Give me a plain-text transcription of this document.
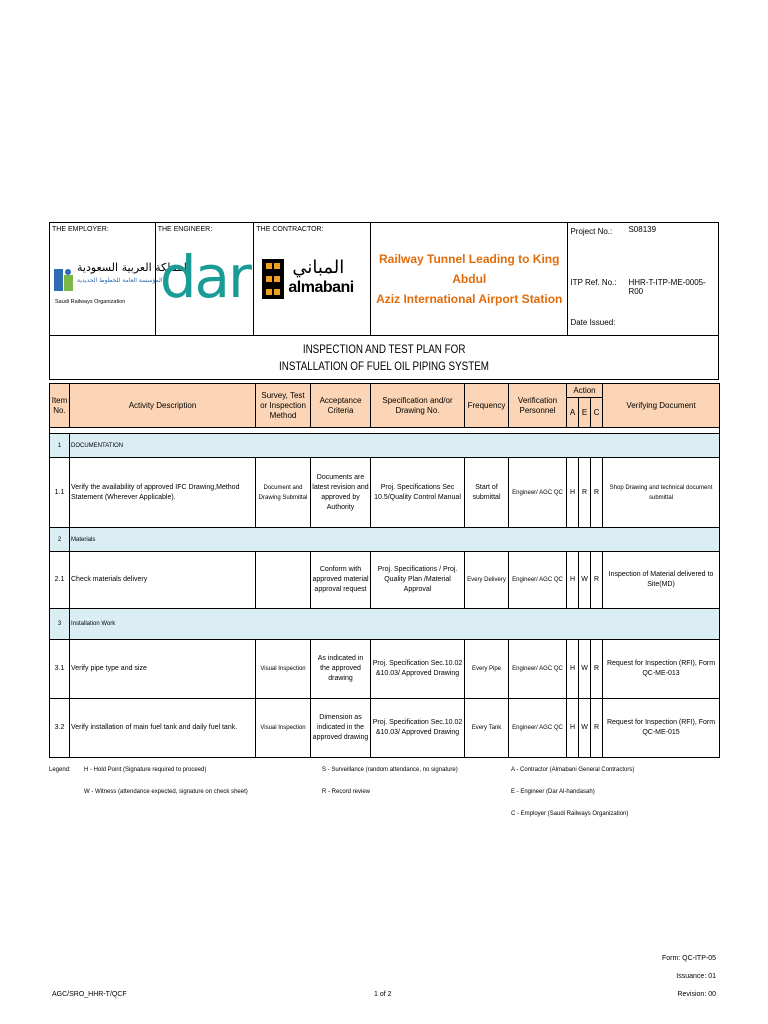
THE EMPLOYER:
المملكة العربية السعودية
المؤسسة العامة للخطوط الحديدية
Saudi Railways Organization
THE ENGINEER:
dar
THE CONTRACTOR:
المباني
almabani
Railway Tunnel Leading to King Abdul
Aziz International Airport Station
Project No.: S08139
ITP Ref. No.: HHR-T-ITP-ME-0005-R00
Date Issued:
INSPECTION AND TEST PLAN FOR
INSTALLATION OF FUEL OIL PIPING SYSTEM
Item No.	Activity Description	Survey, Test or Inspection Method	Acceptance Criteria	Specification and/or Drawing No.	Frequency	Verification Personnel	Action			Verifying Document
							A	E	C	

1	DOCUMENTATION									
1.1	Verify the availability of approved IFC Drawing,Method Statement (Wherever Applicable).	Document and Drawing Submittal	Documents are latest revision and approved by Authority	Proj. Specifications Sec 10.5/Quality Control Manual	Start of submittal	Engineer/ AGC QC	H	R	R	Shop Drawing and technical document submittal
2	Materials									
2.1	Check materials delivery		Conform with approved material approval request	Proj. Specifications / Proj. Quality Plan /Material Approval	Every Delivery	Engineer/ AGC QC	H	W	R	Inspection of Material delivered to Site(MD)
3	Installation Work									
3.1	Verify pipe type and size	Visual Inspection	As indicated in the approved drawing	Proj. Specification Sec.10.02 &10.03/ Approved Drawing	Every Pipe	Engineer/ AGC QC	H	W	R	Request for Inspection (RFI), Form QC-ME-013
3.2	Verify installation of main fuel tank and daily fuel tank.	Visual Inspection	Dimension as indicated in the approved drawing	Proj. Specification Sec.10.02 &10.03/ Approved Drawing	Every Tank	Engineer/ AGC QC	H	W	R	Request for Inspection (RFI), Form QC-ME-015
Legend: H - Hold Point (Signature required to proceed)
W - Witness (attendance expected, signature on check sheet)
S - Surveillance (random attendance, no signature)
R - Record review
A - Contractor (Almabani General Contractors)
E - Engineer (Dar Al-handasah)
C - Employer (Saudi Railways Organization)
Form: QC-ITP-05
Issuance: 01
Revision: 00
AGC/SRO_HHR-T/QCF	1 of 2
